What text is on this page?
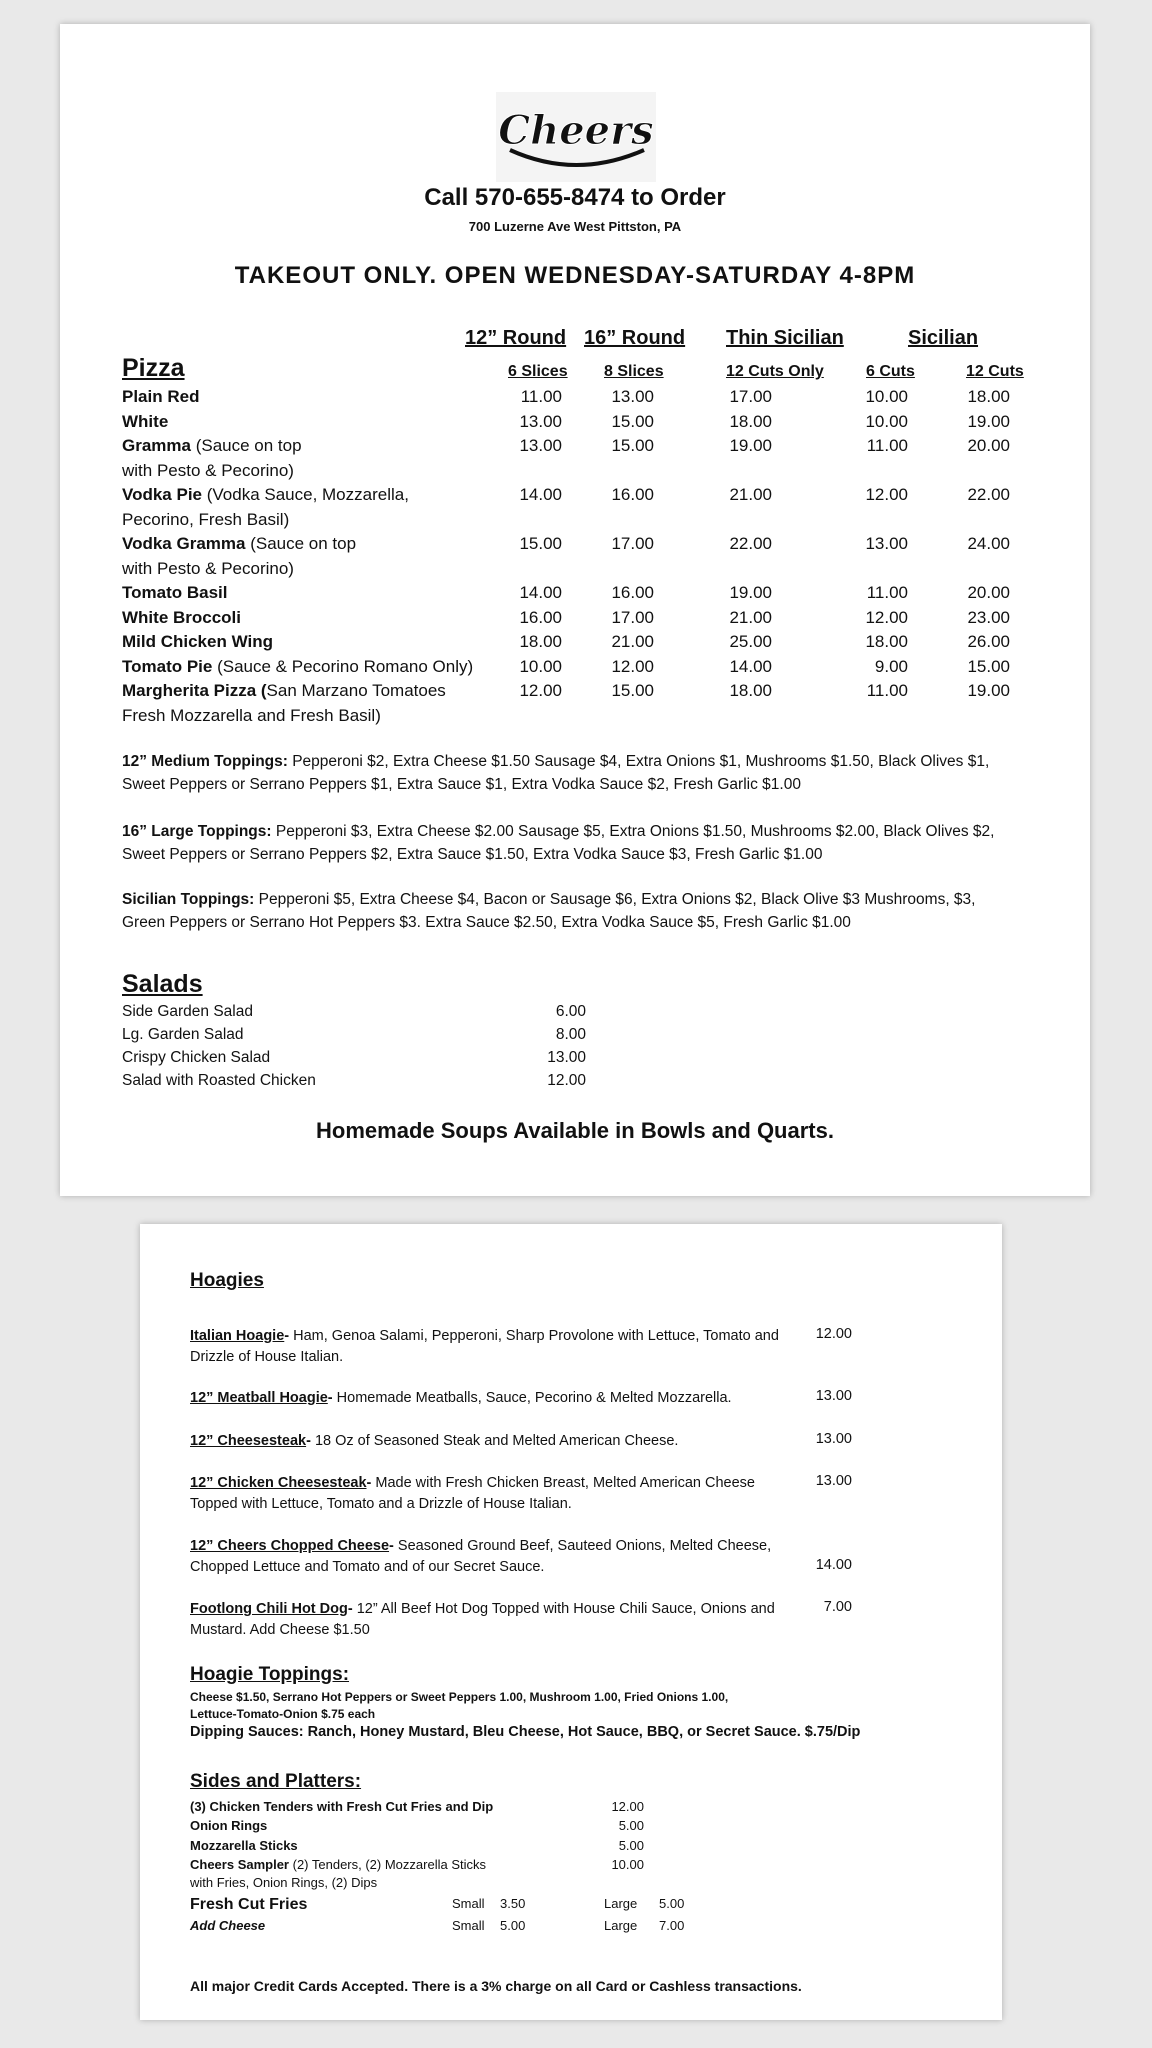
Cheers
Call 570-655-8474 to Order
700 Luzerne Ave West Pittston, PA
TAKEOUT ONLY. OPEN WEDNESDAY-SATURDAY 4-8PM
12” Round 16” Round Thin Sicilian	Sicilian
Pizza	6 Slices 8 Slices	12 Cuts Only	6 Cuts	12 Cuts
Plain Red	11.00	13.00	17.00	10.00	18.00
White	13.00	15.00	18.00	10.00	19.00
Gramma (Sauce on top	13.00	15.00	19.00	11.00	20.00
with Pesto & Pecorino)
Vodka Pie (Vodka Sauce, Mozzarella,	14.00	16.00	21.00	12.00	22.00
Pecorino, Fresh Basil)
Vodka Gramma (Sauce on top	15.00	17.00	22.00	13.00	24.00
with Pesto & Pecorino)
Tomato Basil	14.00	16.00	19.00	11.00	20.00
White Broccoli	16.00	17.00	21.00	12.00	23.00
Mild Chicken Wing	18.00	21.00	25.00	18.00	26.00
Tomato Pie (Sauce & Pecorino Romano Only)	10.00	12.00	14.00	9.00	15.00
Margherita Pizza (San Marzano Tomatoes	12.00	15.00	18.00	11.00	19.00
Fresh Mozzarella and Fresh Basil)
12” Medium Toppings: Pepperoni $2, Extra Cheese $1.50 Sausage $4, Extra Onions $1, Mushrooms $1.50, Black Olives $1, Sweet Peppers or Serrano Peppers $1, Extra Sauce $1, Extra Vodka Sauce $2, Fresh Garlic $1.00
16” Large Toppings: Pepperoni $3, Extra Cheese $2.00 Sausage $5, Extra Onions $1.50, Mushrooms $2.00, Black Olives $2, Sweet Peppers or Serrano Peppers $2, Extra Sauce $1.50, Extra Vodka Sauce $3, Fresh Garlic $1.00
Sicilian Toppings: Pepperoni $5, Extra Cheese $4, Bacon or Sausage $6, Extra Onions $2, Black Olive $3 Mushrooms, $3, Green Peppers or Serrano Hot Peppers $3. Extra Sauce $2.50, Extra Vodka Sauce $5, Fresh Garlic $1.00
Salads
Side Garden Salad	6.00
Lg. Garden Salad	8.00
Crispy Chicken Salad	13.00
Salad with Roasted Chicken	12.00
Homemade Soups Available in Bowls and Quarts.
Hoagies
Italian Hoagie- Ham, Genoa Salami, Pepperoni, Sharp Provolone with Lettuce, Tomato and Drizzle of House Italian.
12.00
12” Meatball Hoagie- Homemade Meatballs, Sauce, Pecorino & Melted Mozzarella.	13.00
12” Cheesesteak- 18 Oz of Seasoned Steak and Melted American Cheese.	13.00
12” Chicken Cheesesteak- Made with Fresh Chicken Breast, Melted American Cheese Topped with Lettuce, Tomato and a Drizzle of House Italian.
13.00
12” Cheers Chopped Cheese- Seasoned Ground Beef, Sauteed Onions, Melted Cheese, Chopped Lettuce and Tomato and of our Secret Sauce.	14.00
Footlong Chili Hot Dog- 12” All Beef Hot Dog Topped with House Chili Sauce, Onions and Mustard. Add Cheese $1.50
7.00
Hoagie Toppings:
Cheese $1.50, Serrano Hot Peppers or Sweet Peppers 1.00, Mushroom 1.00, Fried Onions 1.00,
Lettuce-Tomato-Onion $.75 each
Dipping Sauces: Ranch, Honey Mustard, Bleu Cheese, Hot Sauce, BBQ, or Secret Sauce. $.75/Dip
Sides and Platters:
(3) Chicken Tenders with Fresh Cut Fries and Dip	12.00
Onion Rings	5.00
Mozzarella Sticks	5.00
Cheers Sampler (2) Tenders, (2) Mozzarella Sticks
with Fries, Onion Rings, (2) Dips
10.00
Fresh Cut Fries	Small 3.50	Large 5.00
Add Cheese	Small 5.00	Large 7.00
All major Credit Cards Accepted. There is a 3% charge on all Card or Cashless transactions.
